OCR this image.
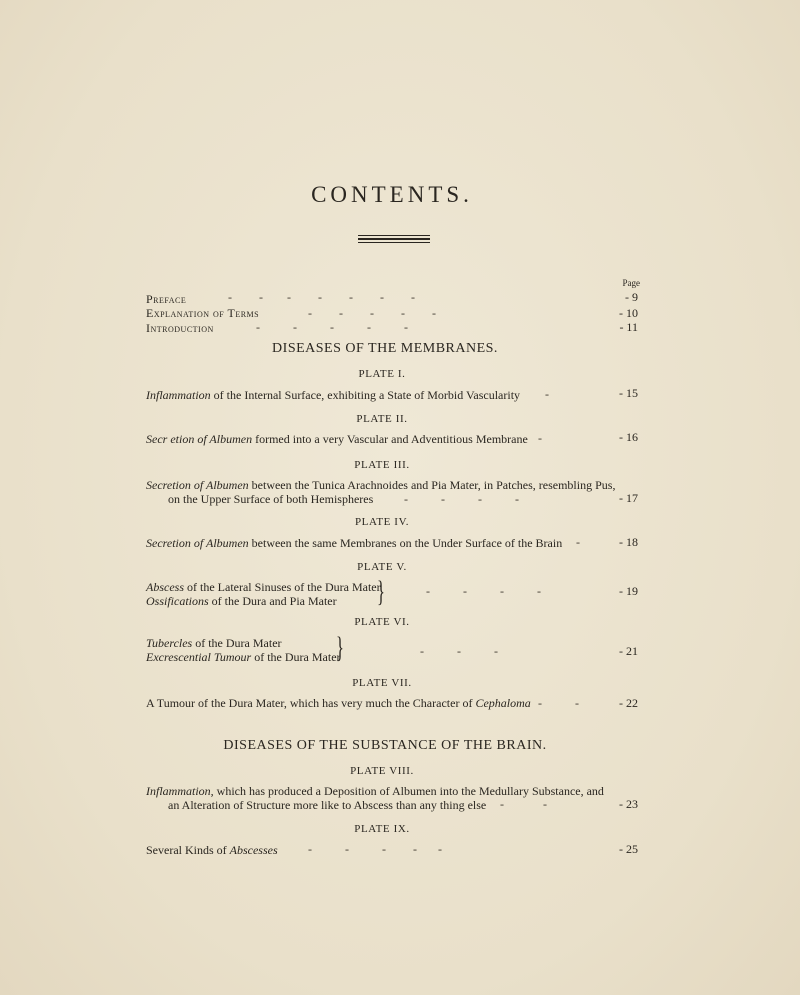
CONTENTS.
Page
Preface	-         -        -         -         -         -         -	- 9
Explanation of Terms	-         -         -         -         -	- 10
Introduction	-           -           -           -           -	- 11
DISEASES OF THE MEMBRANES.
PLATE I.
Inflammation of the Internal Surface, exhibiting a State of Morbid Vascularity -	- 15
PLATE II.
Secr etion of Albumen formed into a very Vascular and Adventitious Membrane -	- 16
PLATE III.
Secretion of Albumen between the Tunica Arachnoides and Pia Mater, in Patches, resembling Pus,
on the Upper Surface of both Hemispheres	-           -           -           -	- 17
PLATE IV.
Secretion of Albumen between the same Membranes on the Under Surface of the Brain -	- 18
PLATE V.
Abscess of the Lateral Sinuses of the Dura Mater
Ossifications of the Dura and Pia Mater }	-           -           -           -	- 19
PLATE VI.
Tubercles of the Dura Mater
Excrescential Tumour of the Dura Mater
}	-           -           -	- 21
PLATE VII.
A Tumour of the Dura Mater, which has very much the Character of Cephaloma -           -	- 22
DISEASES OF THE SUBSTANCE OF THE BRAIN.
PLATE VIII.
Inflammation, which has produced a Deposition of Albumen into the Medullary Substance, and
an Alteration of Structure more like to Abscess than any thing else -             -	- 23
PLATE IX.
Several Kinds of Abscesses	-           -           -         -       -	- 25
